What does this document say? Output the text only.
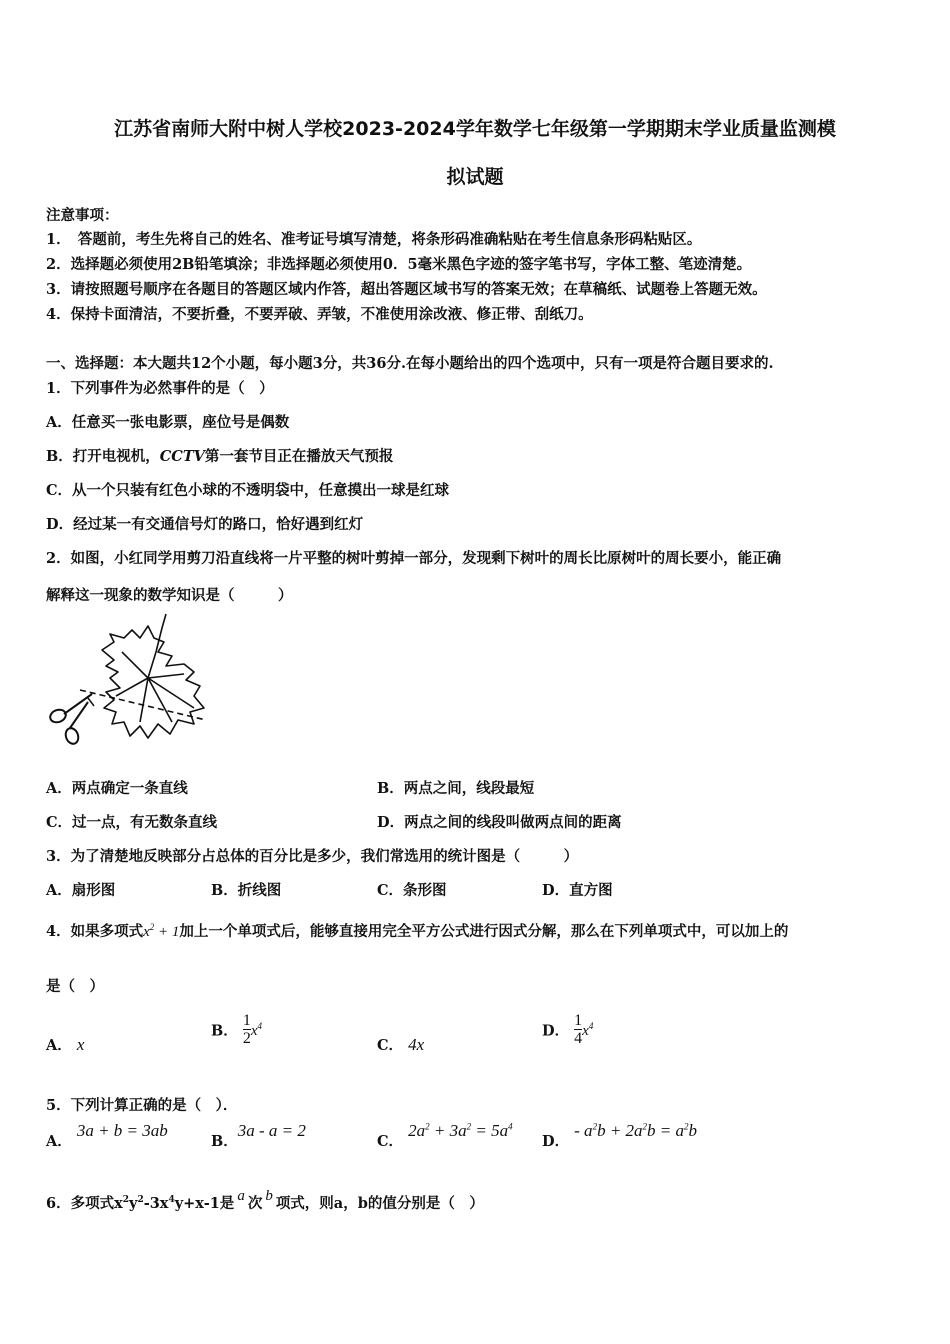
江苏省南师大附中树人学校2023-2024学年数学七年级第一学期期末学业质量监测模
拟试题
注意事项：
1．　答题前，考生先将自己的姓名、准考证号填写清楚，将条形码准确粘贴在考生信息条形码粘贴区。
2．选择题必须使用2B铅笔填涂；非选择题必须使用0．5毫米黑色字迹的签字笔书写，字体工整、笔迹清楚。
3．请按照题号顺序在各题目的答题区域内作答，超出答题区域书写的答案无效；在草稿纸、试题卷上答题无效。
4．保持卡面清洁，不要折叠，不要弄破、弄皱，不准使用涂改液、修正带、刮纸刀。
一、选择题：本大题共12个小题，每小题3分，共36分.在每小题给出的四个选项中，只有一项是符合题目要求的.
1．下列事件为必然事件的是（　）
A．任意买一张电影票，座位号是偶数
B．打开电视机，CCTV第一套节目正在播放天气预报
C．从一个只装有红色小球的不透明袋中，任意摸出一球是红球
D．经过某一有交通信号灯的路口，恰好遇到红灯
2．如图，小红同学用剪刀沿直线将一片平整的树叶剪掉一部分，发现剩下树叶的周长比原树叶的周长要小，能正确
解释这一现象的数学知识是（　　　）
A．两点确定一条直线	B．两点之间，线段最短
C．过一点，有无数条直线	D．两点之间的线段叫做两点间的距离
3．为了清楚地反映部分占总体的百分比是多少，我们常选用的统计图是（　　　）
A．扇形图	B．折线图	C．条形图	D．直方图
4．如果多项式$x^2 + 1$加上一个单项式后，能够直接用完全平方公式进行因式分解，那么在下列单项式中，可以加上的
是（　）
A． x
B． $\frac{1}{2}x^4$
C． 4x
D． $\frac{1}{4}x^4$
5．下列计算正确的是（　）．
A． 3a + b = 3ab
B．3a - a = 2
C． $2a^2 + 3a^2 = 5a^4$
D． - $a^2b + 2a^2b = a^2b$
6．多项式$x^2y^2-3x^4y+x-1$是 a 次 b 项式，则a，b的值分别是（　）
